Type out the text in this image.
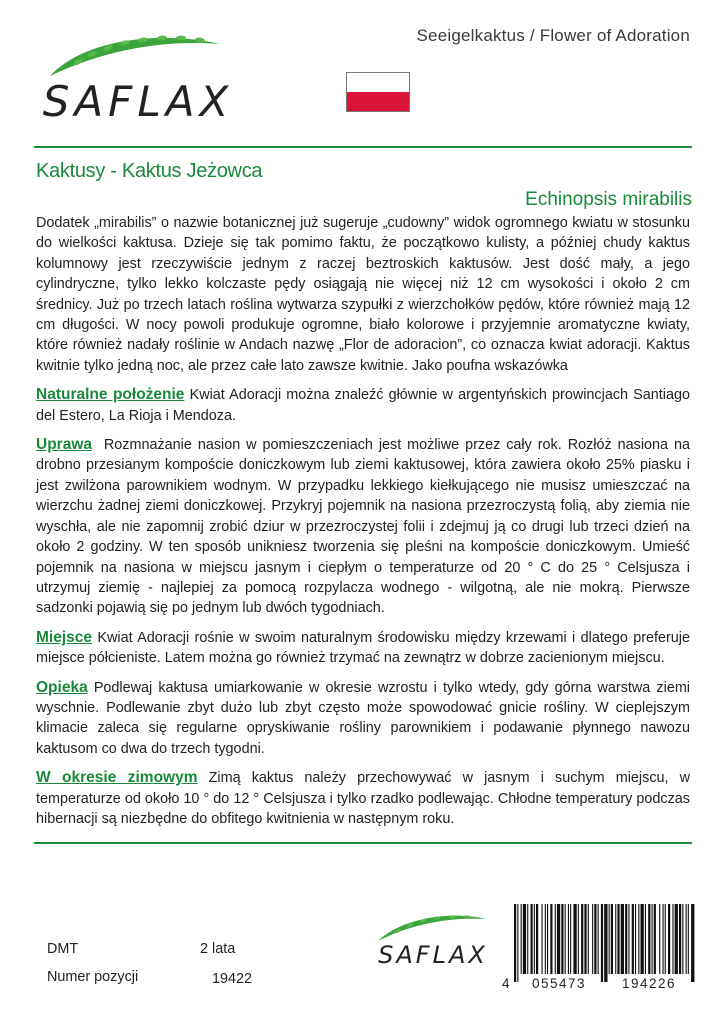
Seeigelkaktus / Flower of Adoration
SAFLAX
Kaktusy - Kaktus Jeżowca
Echinopsis mirabilis

Dodatek „mirabilis” o nazwie botanicznej już sugeruje „cudowny” widok ogromnego kwiatu w stosunku do wielkości kaktusa. Dzieje się tak pomimo faktu, że początkowo kulisty, a później chudy kaktus kolumnowy jest rzeczywiście jednym z raczej beztroskich kaktusów. Jest dość mały, a jego cylindryczne, tylko lekko kolczaste pędy osiągają nie więcej niż 12 cm wysokości i około 2 cm średnicy. Już po trzech latach roślina wytwarza szypułki z wierzchołków pędów, które również mają 12 cm długości. W nocy powoli produkuje ogromne, biało kolorowe i przyjemnie aromatyczne kwiaty, które również nadały roślinie w Andach nazwę „Flor de adoracion”, co oznacza kwiat adoracji. Kaktus kwitnie tylko jedną noc, ale przez całe lato zawsze kwitnie. Jako poufna wskazówka

Naturalne położenie Kwiat Adoracji można znaleźć głównie w argentyńskich prowincjach Santiago del Estero, La Rioja i Mendoza.

Uprawa Rozmnażanie nasion w pomieszczeniach jest możliwe przez cały rok. Rozłóż nasiona na drobno przesianym kompoście doniczkowym lub ziemi kaktusowej, która zawiera około 25% piasku i jest zwilżona parownikiem wodnym. W przypadku lekkiego kiełkującego nie musisz umieszczać na wierzchu żadnej ziemi doniczkowej. Przykryj pojemnik na nasiona przezroczystą folią, aby ziemia nie wyschła, ale nie zapomnij zrobić dziur w przezroczystej folii i zdejmuj ją co drugi lub trzeci dzień na około 2 godziny. W ten sposób unikniesz tworzenia się pleśni na kompoście doniczkowym. Umieść pojemnik na nasiona w miejscu jasnym i ciepłym o temperaturze od 20 ° C do 25 ° Celsjusza i utrzymuj ziemię - najlepiej za pomocą rozpylacza wodnego - wilgotną, ale nie mokrą. Pierwsze sadzonki pojawią się po jednym lub dwóch tygodniach.

Miejsce Kwiat Adoracji rośnie w swoim naturalnym środowisku między krzewami i dlatego preferuje miejsce półcieniste. Latem można go również trzymać na zewnątrz w dobrze zacienionym miejscu.

Opieka Podlewaj kaktusa umiarkowanie w okresie wzrostu i tylko wtedy, gdy górna warstwa ziemi wyschnie. Podlewanie zbyt dużo lub zbyt często może spowodować gnicie rośliny. W cieplejszym klimacie zaleca się regularne opryskiwanie rośliny parownikiem i podawanie płynnego nawozu kaktusom co dwa do trzech tygodni.

W okresie zimowym Zimą kaktus należy przechowywać w jasnym i suchym miejscu, w temperaturze od około 10 ° do 12 ° Celsjusza i tylko rzadko podlewając. Chłodne temperatury podczas hibernacji są niezbędne do obfitego kwitnienia w następnym roku.

DMT	2 lata
Numer pozycji	19422
SAFLAX
4 055473	194226
